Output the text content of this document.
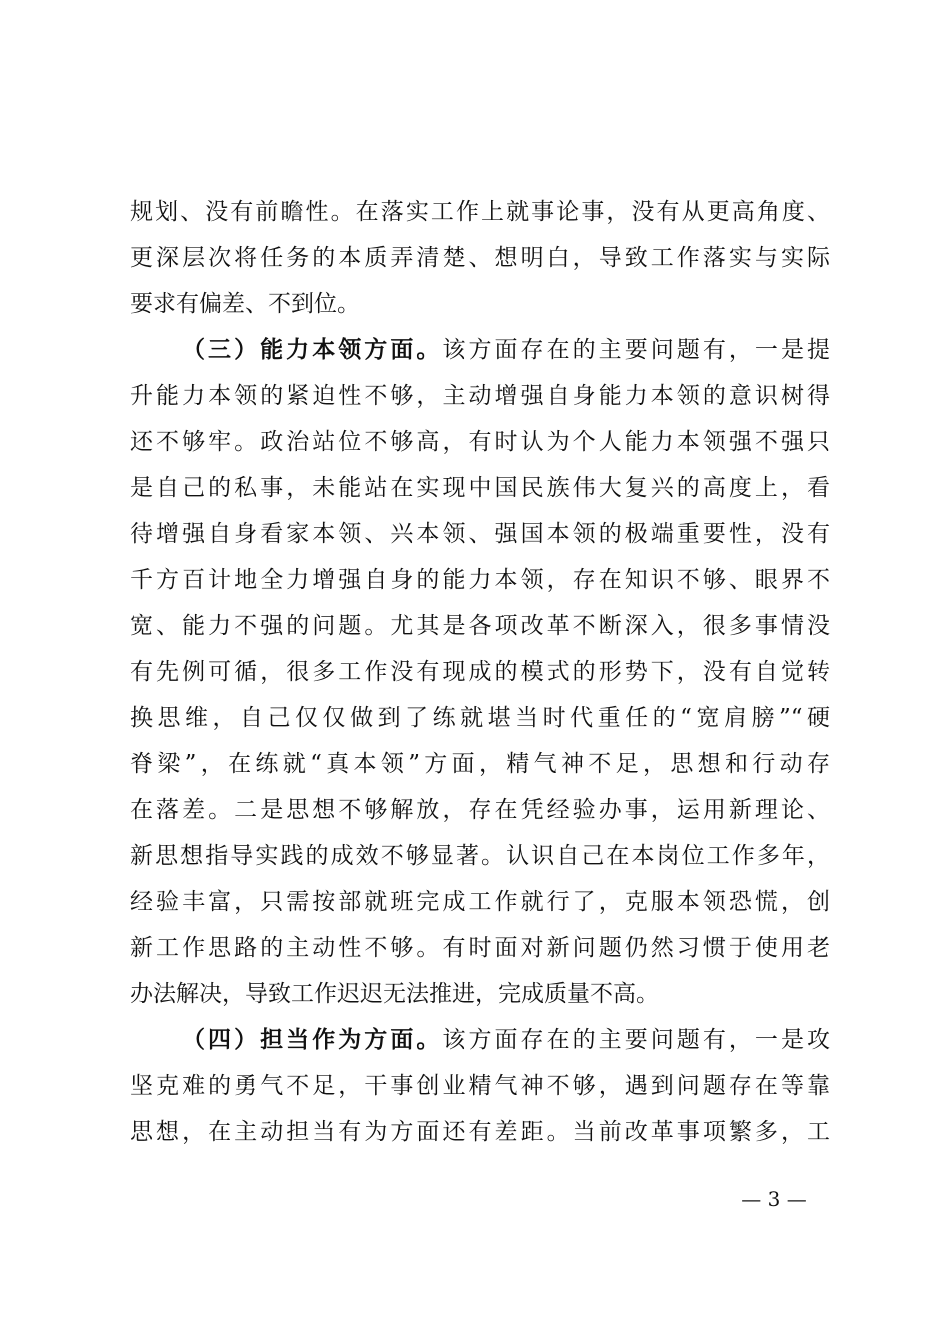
规划、没有前瞻性。在落实工作上就事论事，没有从更高角度、
更深层次将任务的本质弄清楚、想明白，导致工作落实与实际
要求有偏差、不到位。
（三）能力本领方面。该方面存在的主要问题有，一是提
升能力本领的紧迫性不够，主动增强自身能力本领的意识树得
还不够牢。政治站位不够高，有时认为个人能力本领强不强只
是自己的私事，未能站在实现中国民族伟大复兴的高度上，看
待增强自身看家本领、兴本领、强国本领的极端重要性，没有
千方百计地全力增强自身的能力本领，存在知识不够、眼界不
宽、能力不强的问题。尤其是各项改革不断深入，很多事情没
有先例可循，很多工作没有现成的模式的形势下，没有自觉转
换思维，自己仅仅做到了练就堪当时代重任的“宽肩膀”“硬
脊梁”，在练就“真本领”方面，精气神不足，思想和行动存
在落差。二是思想不够解放，存在凭经验办事，运用新理论、
新思想指导实践的成效不够显著。认识自己在本岗位工作多年，
经验丰富，只需按部就班完成工作就行了，克服本领恐慌，创
新工作思路的主动性不够。有时面对新问题仍然习惯于使用老
办法解决，导致工作迟迟无法推进，完成质量不高。
（四）担当作为方面。该方面存在的主要问题有，一是攻
坚克难的勇气不足，干事创业精气神不够，遇到问题存在等靠
思想，在主动担当有为方面还有差距。当前改革事项繁多，工
— 3 —
